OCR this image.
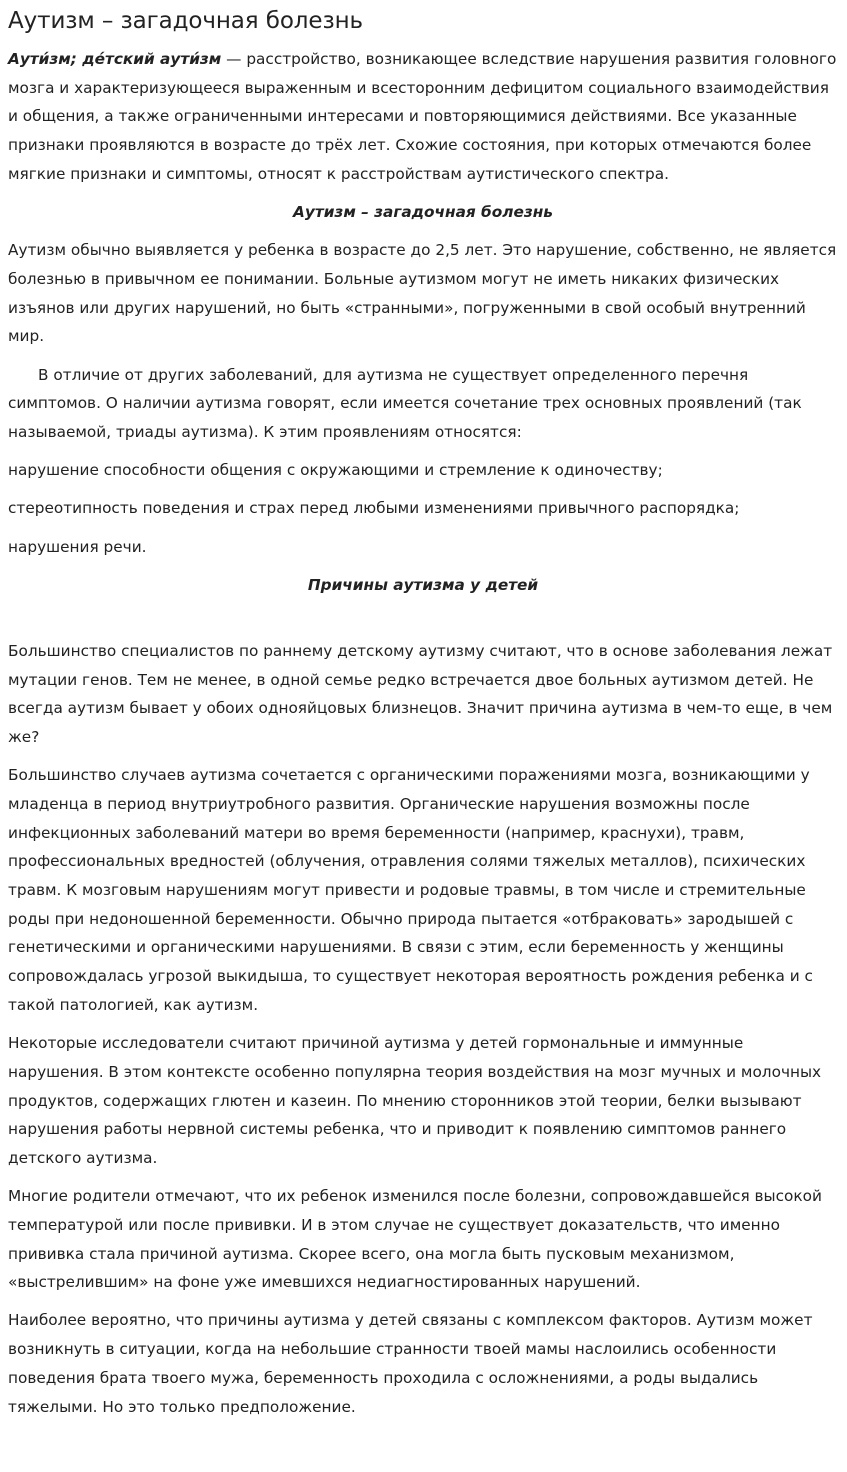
Аутизм – загадочная болезнь

Аути́зм; де́тский аути́зм — расстройство, возникающее вследствие нарушения развития головного мозга и характеризующееся выраженным и всесторонним дефицитом социального взаимодействия и общения, а также ограниченными интересами и повторяющимися действиями. Все указанные признаки проявляются в возрасте до трёх лет. Схожие состояния, при которых отмечаются более мягкие признаки и симптомы, относят к расстройствам аутистического спектра.

Аутизм – загадочная болезнь

Аутизм обычно выявляется у ребенка в возрасте до 2,5 лет. Это нарушение, собственно, не является болезнью в привычном ее понимании. Больные аутизмом могут не иметь никаких физических изъянов или других нарушений, но быть «странными», погруженными в свой особый внутренний мир.

В отличие от других заболеваний, для аутизма не существует определенного перечня симптомов. О наличии аутизма говорят, если имеется сочетание трех основных проявлений (так называемой, триады аутизма). К этим проявлениям относятся:

нарушение способности общения с окружающими и стремление к одиночеству;

стереотипность поведения и страх перед любыми изменениями привычного распорядка;

нарушения речи.

Причины аутизма у детей

Большинство специалистов по раннему детскому аутизму считают, что в основе заболевания лежат мутации генов. Тем не менее, в одной семье редко встречается двое больных аутизмом детей. Не всегда аутизм бывает у обоих однояйцовых близнецов. Значит причина аутизма в чем-то еще, в чем же?

Большинство случаев аутизма сочетается с органическими поражениями мозга, возникающими у младенца в период внутриутробного развития. Органические нарушения возможны после инфекционных заболеваний матери во время беременности (например, краснухи), травм, профессиональных вредностей (облучения, отравления солями тяжелых металлов), психических травм. К мозговым нарушениям могут привести и родовые травмы, в том числе и стремительные роды при недоношенной беременности. Обычно природа пытается «отбраковать» зародышей с генетическими и органическими нарушениями. В связи с этим, если беременность у женщины сопровождалась угрозой выкидыша, то существует некоторая вероятность рождения ребенка и с такой патологией, как аутизм.

Некоторые исследователи считают причиной аутизма у детей гормональные и иммунные нарушения. В этом контексте особенно популярна теория воздействия на мозг мучных и молочных продуктов, содержащих глютен и казеин. По мнению сторонников этой теории, белки вызывают нарушения работы нервной системы ребенка, что и приводит к появлению симптомов раннего детского аутизма.

Многие родители отмечают, что их ребенок изменился после болезни, сопровождавшейся высокой температурой или после прививки. И в этом случае не существует доказательств, что именно прививка стала причиной аутизма. Скорее всего, она могла быть пусковым механизмом, «выстрелившим» на фоне уже имевшихся недиагностированных нарушений.

Наиболее вероятно, что причины аутизма у детей связаны с комплексом факторов. Аутизм может возникнуть в ситуации, когда на небольшие странности твоей мамы наслоились особенности поведения брата твоего мужа, беременность проходила с осложнениями, а роды выдались тяжелыми. Но это только предположение.
